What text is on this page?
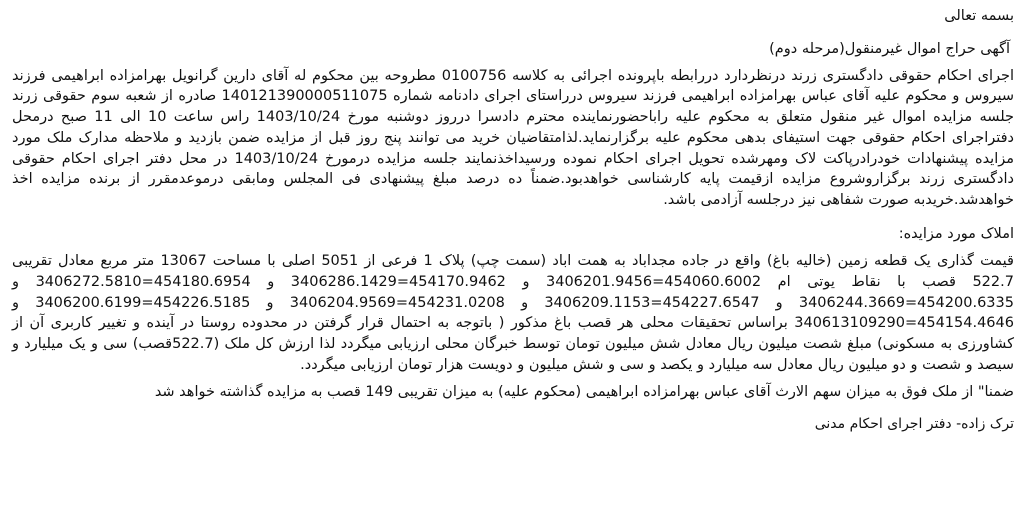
بسمه تعالی

آگهی حراج اموال غیرمنقول(مرحله دوم)

اجرای احکام حقوقی دادگستری زرند درنظردارد دررابطه باپرونده اجرائی به کلاسه 0100756 مطروحه بین محکوم له آقای دارین گرانویل بهرامزاده ابراهیمی فرزند سیروس و محکوم علیه آقای عباس بهرامزاده ابراهیمی فرزند سیروس درراستای اجرای دادنامه شماره 140121390000511075 صادره از شعبه سوم حقوقی زرند جلسه مزایده اموال غیر منقول متعلق به محکوم علیه رابا‌حضورنماینده محترم دادسرا درروز دوشنبه مورخ 1403/10/24 راس ساعت 10 الی 11 صبح درمحل دفتراجرای احکام حقوقی جهت استیفای بدهی محکوم علیه برگزارنماید.لذامتقاضیان خرید می توانند پنج روز قبل از مزایده ضمن بازدید و ملاحظه مدارک ملک مورد مزایده پیشنهادات خودرادرپاکت لاک ومهرشده تحویل اجرای احکام نموده ورسیداخذنمایند جلسه مزایده درمورخ 1403/10/24 در محل دفتر اجرای احکام حقوقی دادگستری زرند برگزاروشروع مزایده ازقیمت پایه کارشناسی خواهدبود.ضمناً ده درصد مبلغ پیشنهادی فی المجلس ومابقی درموعدمقرر از برنده مزایده اخذ خواهدشد.خریدبه صورت شفاهی نیز درجلسه آزادمی باشد.

املاک مورد مزایده:

قیمت گذاری یک قطعه زمین (خالیه باغ) واقع در جاده مجداباد به همت اباد (سمت چپ) پلاک 1 فرعی از 5051 اصلی با مساحت 13067 متر مربع معادل تقریبی 522.7 قصب با نقاط یوتی ام 454060.6002=3406201.9456 و 454170.9462=3406286.1429 و 454180.6954=3406272.5810 و 454200.6335=3406244.3669 و 454227.6547=3406209.1153 و 454231.0208=3406204.9569 و 454226.5185=3406200.6199 و 454154.4646=340613109290 براساس تحقیقات محلی هر قصب باغ مذکور ( باتوجه به احتمال قرار گرفتن در محدوده روستا در آینده و تغییر کاربری آن از کشاورزی به مسکونی) مبلغ شصت میلیون ریال معادل شش میلیون تومان توسط خبرگان محلی ارزیابی میگردد لذا ارزش کل ملک (522.7قصب) سی و یک میلیارد و سیصد و شصت و دو میلیون ریال معادل سه میلیارد و یکصد و سی و شش میلیون و دویست هزار تومان ارزیابی میگردد.

ضمنا" از ملک فوق به میزان سهم الارث آقای عباس بهرامزاده ابراهیمی (محکوم علیه) به میزان تقریبی 149 قصب به مزایده گذاشته خواهد شد

ترک زاده- دفتر اجرای احکام مدنی
